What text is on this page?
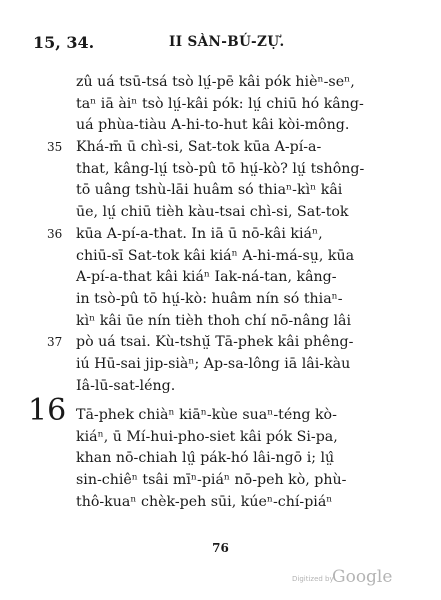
15, 34.	II SÀN-BÚ-ZỰ.
zû uá tsū-tsá tsò lṳ́-pē kâi pók hièⁿ-seⁿ,
taⁿ iā àiⁿ tsò lṳ́-kâi pók: lṳ́ chiū hó kâng-
uá phùa-tiàu A-hi-to-hut kâi kòi-mông.
35 Khá-m̄ ū chì-si, Sat-tok kūa A-pí-a-
that, kâng-lṳ́ tsò-pû tō hṳ́-kò? lṳ́ tshông-
tō uâng tshù-lāi huâm só thiaⁿ-kìⁿ kâi
ūe, lṳ́ chiū tièh kàu-tsai chì-si, Sat-tok
36 kūa A-pí-a-that. In iā ū nō-kâi kiáⁿ,
chiū-sī Sat-tok kâi kiáⁿ A-hi-má-sṳ, kūa
A-pí-a-that kâi kiáⁿ Iak-ná-tan, kâng-
in tsò-pû tō hṳ́-kò: huâm nín só thiaⁿ-
kìⁿ kâi ūe nín tièh thoh chí nō-nâng lâi
37 pò uá tsai. Kù-tshṳ̆ Tā-phek kâi phêng-
iú Hū-sai jip-siàⁿ; Ap-sa-lông iā lâi-kàu
Iâ-lū-sat-léng.
16 Tā-phek chiàⁿ kiāⁿ-kùe suaⁿ-téng kò-
kiáⁿ, ū Mí-hui-pho-siet kâi pók Si-pa,
khan nō-chiah lṳ̂ pák-hó lâi-ngō i; lṳ̂
sin-chiêⁿ tsâi mīⁿ-piáⁿ nō-peh kò, phù-
thô-kuaⁿ chèk-peh sūi, kúeⁿ-chí-piáⁿ
76
Digitized by
Google
